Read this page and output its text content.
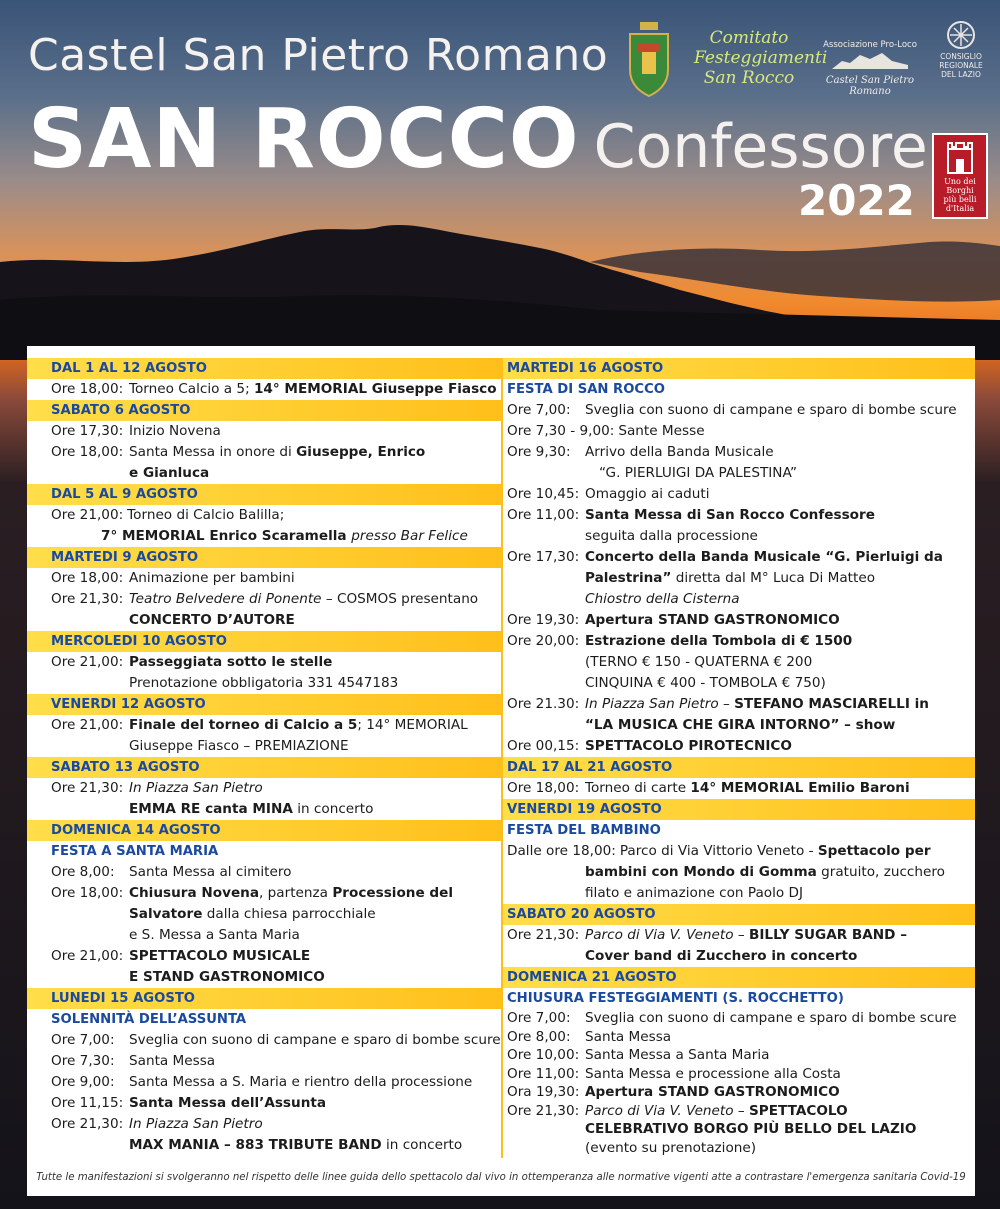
Castel San Pietro Romano
SAN ROCCO Confessore
2022
Comitato Festeggiamenti
San Rocco
Associazione Pro-Loco
Castel San Pietro Romano
CONSIGLIO
REGIONALE
DEL LAZIO
Uno dei
Borghi
più belli
d'Italia
DAL 1 AL 12 AGOSTO
Ore 18,00: Torneo Calcio a 5; 14° MEMORIAL Giuseppe Fiasco
SABATO 6 AGOSTO
Ore 17,30: Inizio Novena
Ore 18,00: Santa Messa in onore di Giuseppe, Enrico
e Gianluca
DAL 5 AL 9 AGOSTO
Ore 21,00: Torneo di Calcio Balilla;
7° MEMORIAL Enrico Scaramella presso Bar Felice
MARTEDI 9 AGOSTO
Ore 18,00: Animazione per bambini
Ore 21,30: Teatro Belvedere di Ponente – COSMOS presentano
CONCERTO D’AUTORE
MERCOLEDI 10 AGOSTO
Ore 21,00: Passeggiata sotto le stelle
Prenotazione obbligatoria 331 4547183
VENERDI 12 AGOSTO
Ore 21,00: Finale del torneo di Calcio a 5; 14° MEMORIAL
Giuseppe Fiasco – PREMIAZIONE
SABATO 13 AGOSTO
Ore 21,30: In Piazza San Pietro
EMMA RE canta MINA in concerto
DOMENICA 14 AGOSTO
FESTA A SANTA MARIA
Ore 8,00: Santa Messa al cimitero
Ore 18,00: Chiusura Novena, partenza Processione del
Salvatore dalla chiesa parrocchiale
e S. Messa a Santa Maria
Ore 21,00: SPETTACOLO MUSICALE
E STAND GASTRONOMICO
LUNEDI 15 AGOSTO
SOLENNITÀ DELL’ASSUNTA
Ore 7,00: Sveglia con suono di campane e sparo di bombe scure
Ore 7,30: Santa Messa
Ore 9,00: Santa Messa a S. Maria e rientro della processione
Ore 11,15: Santa Messa dell’Assunta
Ore 21,30: In Piazza San Pietro
MAX MANIA – 883 TRIBUTE BAND in concerto
MARTEDI 16 AGOSTO
FESTA DI SAN ROCCO
Ore 7,00: Sveglia con suono di campane e sparo di bombe scure
Ore 7,30 - 9,00: Sante Messe
Ore 9,30: Arrivo della Banda Musicale
“G. PIERLUIGI DA PALESTINA”
Ore 10,45: Omaggio ai caduti
Ore 11,00: Santa Messa di San Rocco Confessore
seguita dalla processione
Ore 17,30: Concerto della Banda Musicale “G. Pierluigi da
Palestrina” diretta dal M° Luca Di Matteo
Chiostro della Cisterna
Ore 19,30: Apertura STAND GASTRONOMICO
Ore 20,00: Estrazione della Tombola di € 1500
(TERNO € 150 - QUATERNA € 200
CINQUINA € 400 - TOMBOLA € 750)
Ore 21.30: In Piazza San Pietro – STEFANO MASCIARELLI in
“LA MUSICA CHE GIRA INTORNO” – show
Ore 00,15: SPETTACOLO PIROTECNICO
DAL 17 AL 21 AGOSTO
Ore 18,00: Torneo di carte 14° MEMORIAL Emilio Baroni
VENERDI 19 AGOSTO
FESTA DEL BAMBINO
Dalle ore 18,00: Parco di Via Vittorio Veneto - Spettacolo per
bambini con Mondo di Gomma gratuito, zucchero
filato e animazione con Paolo DJ
SABATO 20 AGOSTO
Ore 21,30: Parco di Via V. Veneto – BILLY SUGAR BAND –
Cover band di Zucchero in concerto
DOMENICA 21 AGOSTO
CHIUSURA FESTEGGIAMENTI (S. ROCCHETTO)
Ore 7,00: Sveglia con suono di campane e sparo di bombe scure
Ore 8,00: Santa Messa
Ore 10,00: Santa Messa a Santa Maria
Ore 11,00: Santa Messa e processione alla Costa
Ora 19,30: Apertura STAND GASTRONOMICO
Ore 21,30: Parco di Via V. Veneto – SPETTACOLO
CELEBRATIVO BORGO PIÙ BELLO DEL LAZIO
(evento su prenotazione)
Tutte le manifestazioni si svolgeranno nel rispetto delle linee guida dello spettacolo dal vivo in ottemperanza alle normative vigenti atte a contrastare l'emergenza sanitaria Covid-19
